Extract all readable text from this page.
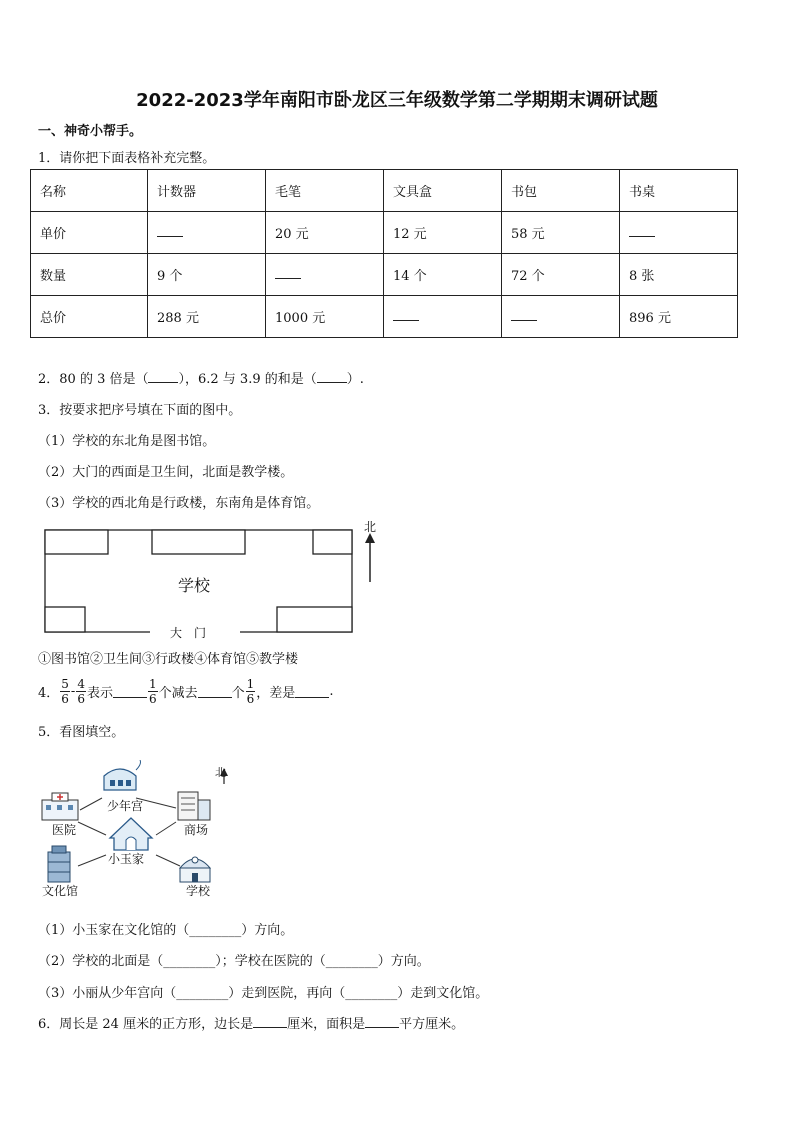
2022-2023学年南阳市卧龙区三年级数学第二学期期末调研试题
一、神奇小帮手。
1．请你把下面表格补充完整。
名称	计数器	毛笔	文具盒	书包	书桌
单价		20 元	12 元	58 元	
数量	9 个		14 个	72 个	8 张
总价	288 元	1000 元			896 元
2．80 的 3 倍是（ ），6.2 与 3.9 的和是（ ）.
3．按要求把序号填在下面的图中。
（1）学校的东北角是图书馆。
（2）大门的西面是卫生间，北面是教学楼。
（3）学校的西北角是行政楼，东南角是体育馆。
学校
大　门
北
①图书馆②卫生间③行政楼④体育馆⑤教学楼
4． $\frac{5}{6} - \frac{4}{6}$ 表示	$\frac{1}{6}$ 个减去	个 $\frac{1}{6}$ ，差是	.
5．看图填空。
少年宫
医院	商场
小玉家
文化馆	学校
北
（1）小玉家在文化馆的（________）方向。
（2）学校的北面是（________）；学校在医院的（________）方向。
（3）小丽从少年宫向（________）走到医院，再向（________）走到文化馆。
6．周长是 24 厘米的正方形，边长是	厘米，面积是	平方厘米。
